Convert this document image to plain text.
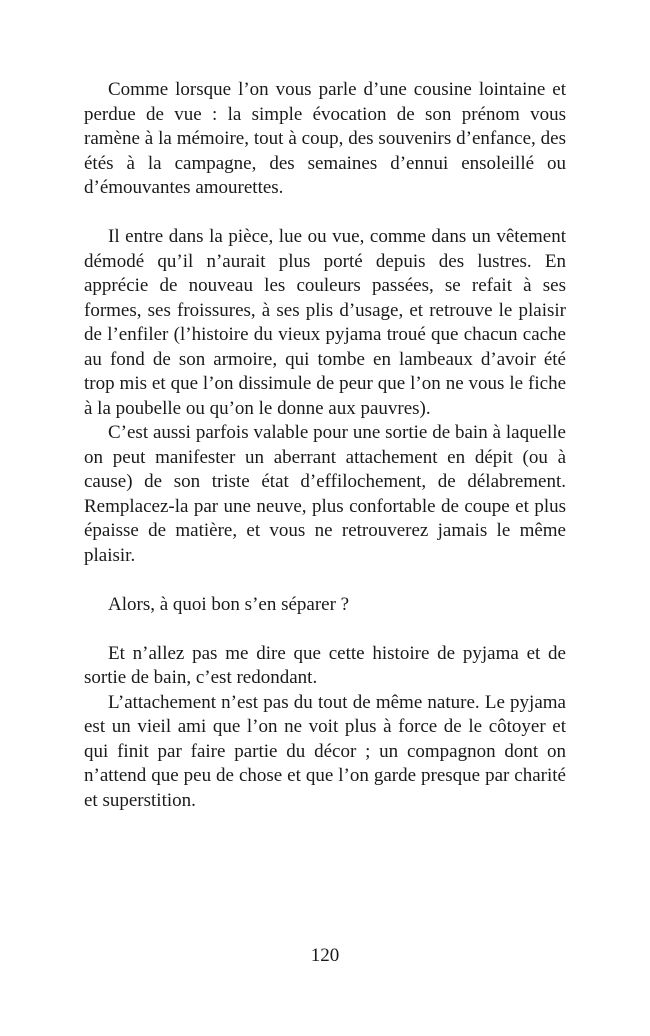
Comme lorsque l’on vous parle d’une cousine lointaine et perdue de vue : la simple évocation de son prénom vous ramène à la mémoire, tout à coup, des souvenirs d’enfance, des étés à la campagne, des semaines d’ennui ensoleillé ou d’émouvantes amourettes.

Il entre dans la pièce, lue ou vue, comme dans un vêtement démodé qu’il n’aurait plus porté depuis des lustres. En apprécie de nouveau les couleurs passées, se refait à ses formes, ses froissures, à ses plis d’usage, et retrouve le plaisir de l’enfiler (l’histoire du vieux pyjama troué que chacun cache au fond de son armoire, qui tombe en lambeaux d’avoir été trop mis et que l’on dissimule de peur que l’on ne vous le fiche à la poubelle ou qu’on le donne aux pauvres).

C’est aussi parfois valable pour une sortie de bain à laquelle on peut manifester un aberrant attachement en dépit (ou à cause) de son triste état d’effilochement, de délabrement. Remplacez-la par une neuve, plus confortable de coupe et plus épaisse de matière, et vous ne retrouverez jamais le même plaisir.

Alors, à quoi bon s’en séparer ?

Et n’allez pas me dire que cette histoire de pyjama et de sortie de bain, c’est redondant.

L’attachement n’est pas du tout de même nature. Le pyjama est un vieil ami que l’on ne voit plus à force de le côtoyer et qui finit par faire partie du décor ; un compagnon dont on n’attend que peu de chose et que l’on garde presque par charité et superstition.

120
